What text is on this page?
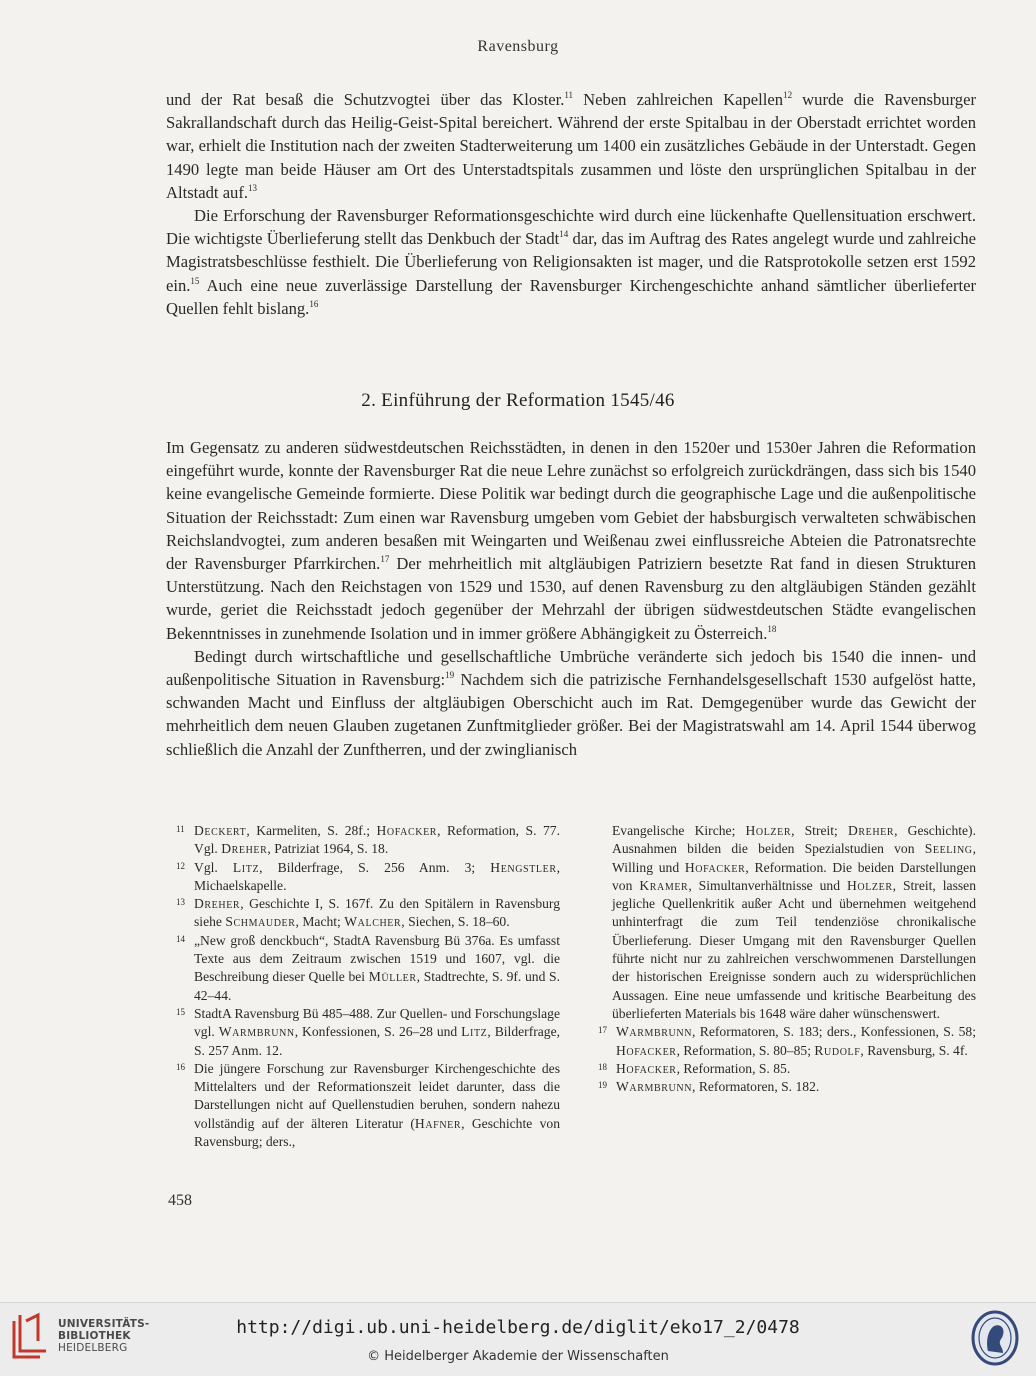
Ravensburg

und der Rat besaß die Schutzvogtei über das Kloster.$^{11}$ Neben zahlreichen Kapellen$^{12}$ wurde die Ravensburger Sakrallandschaft durch das Heilig-Geist-Spital bereichert. Während der erste Spitalbau in der Oberstadt errichtet worden war, erhielt die Institution nach der zweiten Stadterweiterung um 1400 ein zusätzliches Gebäude in der Unterstadt. Gegen 1490 legte man beide Häuser am Ort des Unterstadtspitals zusammen und löste den ursprünglichen Spitalbau in der Altstadt auf.$^{13}$

Die Erforschung der Ravensburger Reformationsgeschichte wird durch eine lückenhafte Quellensituation erschwert. Die wichtigste Überlieferung stellt das Denkbuch der Stadt$^{14}$ dar, das im Auftrag des Rates angelegt wurde und zahlreiche Magistratsbeschlüsse festhielt. Die Überlieferung von Religionsakten ist mager, und die Ratsprotokolle setzen erst 1592 ein.$^{15}$ Auch eine neue zuverlässige Darstellung der Ravensburger Kirchengeschichte anhand sämtlicher überlieferter Quellen fehlt bislang.$^{16}$

2. Einführung der Reformation 1545/46

Im Gegensatz zu anderen südwestdeutschen Reichsstädten, in denen in den 1520er und 1530er Jahren die Reformation eingeführt wurde, konnte der Ravensburger Rat die neue Lehre zunächst so erfolgreich zurückdrängen, dass sich bis 1540 keine evangelische Gemeinde formierte. Diese Politik war bedingt durch die geographische Lage und die außenpolitische Situation der Reichsstadt: Zum einen war Ravensburg umgeben vom Gebiet der habsburgisch verwalteten schwäbischen Reichslandvogtei, zum anderen besaßen mit Weingarten und Weißenau zwei einflussreiche Abteien die Patronatsrechte der Ravensburger Pfarrkirchen.$^{17}$ Der mehrheitlich mit altgläubigen Patriziern besetzte Rat fand in diesen Strukturen Unterstützung. Nach den Reichstagen von 1529 und 1530, auf denen Ravensburg zu den altgläubigen Ständen gezählt wurde, geriet die Reichsstadt jedoch gegenüber der Mehrzahl der übrigen südwestdeutschen Städte evangelischen Bekenntnisses in zunehmende Isolation und in immer größere Abhängigkeit zu Österreich.$^{18}$

Bedingt durch wirtschaftliche und gesellschaftliche Umbrüche veränderte sich jedoch bis 1540 die innen- und außenpolitische Situation in Ravensburg:$^{19}$ Nachdem sich die patrizische Fernhandelsgesellschaft 1530 aufgelöst hatte, schwanden Macht und Einfluss der altgläubigen Oberschicht auch im Rat. Demgegenüber wurde das Gewicht der mehrheitlich dem neuen Glauben zugetanen Zunftmitglieder größer. Bei der Magistratswahl am 14. April 1544 überwog schließlich die Anzahl der Zunftherren, und der zwinglianisch

11 Deckert, Karmeliten, S. 28f.; Hofacker, Reformation, S. 77. Vgl. Dreher, Patriziat 1964, S. 18.

12 Vgl. Litz, Bilderfrage, S. 256 Anm. 3; Hengstler, Michaelskapelle.

13 Dreher, Geschichte I, S. 167f. Zu den Spitälern in Ravensburg siehe Schmauder, Macht; Walcher, Siechen, S. 18–60.

14 „New groß denckbuch“, StadtA Ravensburg Bü 376a. Es umfasst Texte aus dem Zeitraum zwischen 1519 und 1607, vgl. die Beschreibung dieser Quelle bei Müller, Stadtrechte, S. 9f. und S. 42–44.

15 StadtA Ravensburg Bü 485–488. Zur Quellen- und Forschungslage vgl. Warmbrunn, Konfessionen, S. 26–28 und Litz, Bilderfrage, S. 257 Anm. 12.

16 Die jüngere Forschung zur Ravensburger Kirchengeschichte des Mittelalters und der Reformationszeit leidet darunter, dass die Darstellungen nicht auf Quellenstudien beruhen, sondern nahezu vollständig auf der älteren Literatur (Hafner, Geschichte von Ravensburg; ders.,

Evangelische Kirche; Holzer, Streit; Dreher, Geschichte). Ausnahmen bilden die beiden Spezialstudien von Seeling, Willing und Hofacker, Reformation. Die beiden Darstellungen von Kramer, Simultanverhältnisse und Holzer, Streit, lassen jegliche Quellenkritik außer Acht und übernehmen weitgehend unhinterfragt die zum Teil tendenziöse chronikalische Überlieferung. Dieser Umgang mit den Ravensburger Quellen führte nicht nur zu zahlreichen verschwommenen Darstellungen der historischen Ereignisse sondern auch zu widersprüchlichen Aussagen. Eine neue umfassende und kritische Bearbeitung des überlieferten Materials bis 1648 wäre daher wünschenswert.

17 Warmbrunn, Reformatoren, S. 183; ders., Konfessionen, S. 58; Hofacker, Reformation, S. 80–85; Rudolf, Ravensburg, S. 4f.

18 Hofacker, Reformation, S. 85.

19 Warmbrunn, Reformatoren, S. 182.

458
UNIVERSITÄTS-
BIBLIOTHEK
HEIDELBERG
http://digi.ub.uni-heidelberg.de/diglit/eko17_2/0478
© Heidelberger Akademie der Wissenschaften
